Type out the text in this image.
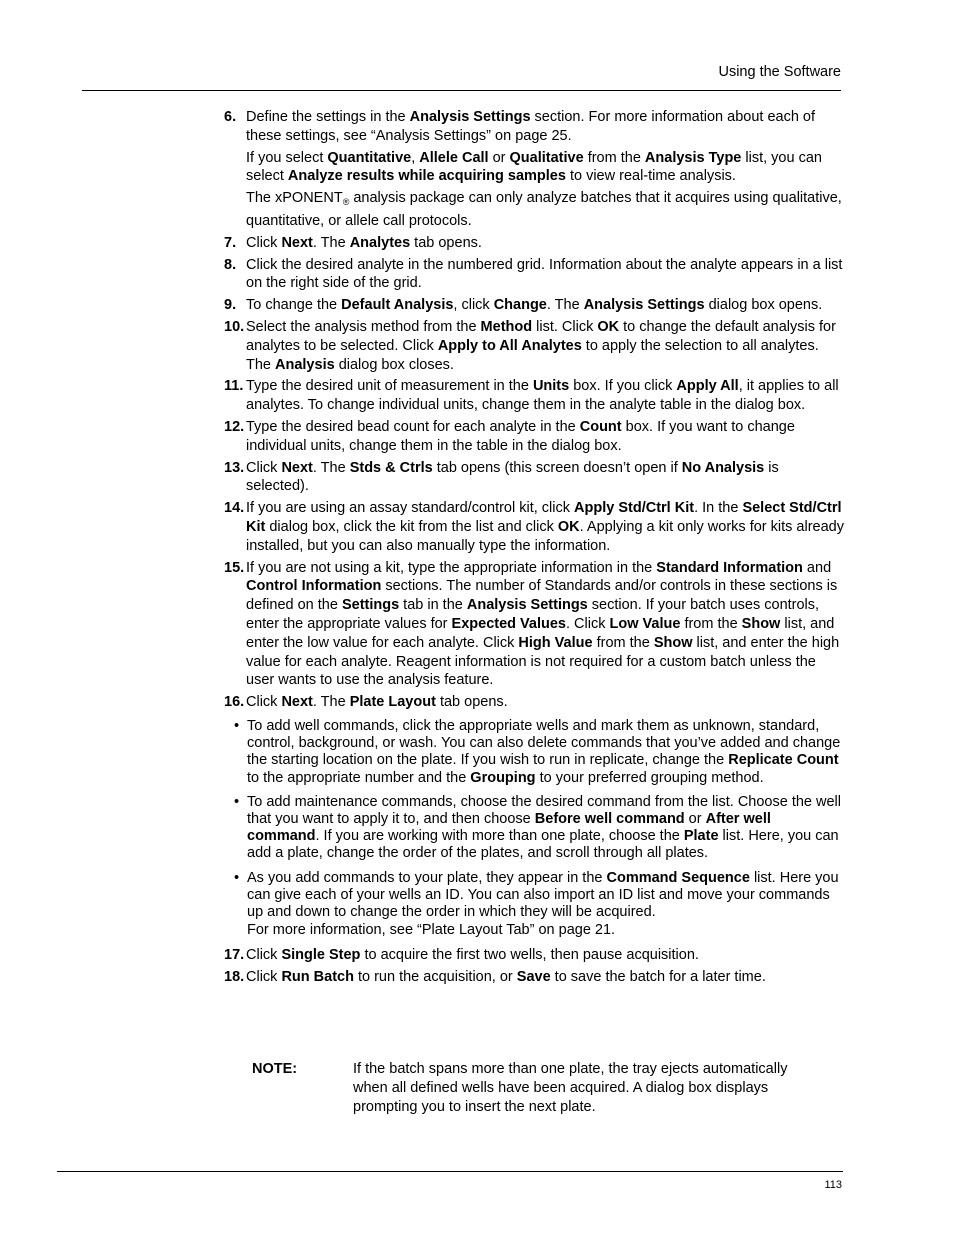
Using the Software
6. Define the settings in the Analysis Settings section. For more information about each of these settings, see “Analysis Settings” on page 25.

If you select Quantitative, Allele Call or Qualitative from the Analysis Type list, you can select Analyze results while acquiring samples to view real-time analysis.

The xPONENT$_®$ analysis package can only analyze batches that it acquires using qualitative, quantitative, or allele call protocols.

7. Click Next. The Analytes tab opens.

8. Click the desired analyte in the numbered grid. Information about the analyte appears in a list on the right side of the grid.

9. To change the Default Analysis, click Change. The Analysis Settings dialog box opens.

10. Select the analysis method from the Method list. Click OK to change the default analysis for analytes to be selected. Click Apply to All Analytes to apply the selection to all analytes. The Analysis dialog box closes.

11. Type the desired unit of measurement in the Units box. If you click Apply All, it applies to all analytes. To change individual units, change them in the analyte table in the dialog box.

12. Type the desired bead count for each analyte in the Count box. If you want to change individual units, change them in the table in the dialog box.

13. Click Next. The Stds & Ctrls tab opens (this screen doesn’t open if No Analysis is selected).

14. If you are using an assay standard/control kit, click Apply Std/Ctrl Kit. In the Select Std/Ctrl Kit dialog box, click the kit from the list and click OK. Applying a kit only works for kits already installed, but you can also manually type the information.

15. If you are not using a kit, type the appropriate information in the Standard Information and Control Information sections. The number of Standards and/or controls in these sections is defined on the Settings tab in the Analysis Settings section. If your batch uses controls, enter the appropriate values for Expected Values. Click Low Value from the Show list, and enter the low value for each analyte. Click High Value from the Show list, and enter the high value for each analyte. Reagent information is not required for a custom batch unless the user wants to use the analysis feature.

16. Click Next. The Plate Layout tab opens.

• To add well commands, click the appropriate wells and mark them as unknown, standard, control, background, or wash. You can also delete commands that you’ve added and change the starting location on the plate. If you wish to run in replicate, change the Replicate Count to the appropriate number and the Grouping to your preferred grouping method.
• To add maintenance commands, choose the desired command from the list. Choose the well that you want to apply it to, and then choose Before well command or After well command. If you are working with more than one plate, choose the Plate list. Here, you can add a plate, change the order of the plates, and scroll through all plates.
• As you add commands to your plate, they appear in the Command Sequence list. Here you can give each of your wells an ID. You can also import an ID list and move your commands up and down to change the order in which they will be acquired.
For more information, see “Plate Layout Tab” on page 21.
17. Click Single Step to acquire the first two wells, then pause acquisition.

18. Click Run Batch to run the acquisition, or Save to save the batch for a later time.

NOTE:	If the batch spans more than one plate, the tray ejects automatically when all defined wells have been acquired. A dialog box displays prompting you to insert the next plate.
113
